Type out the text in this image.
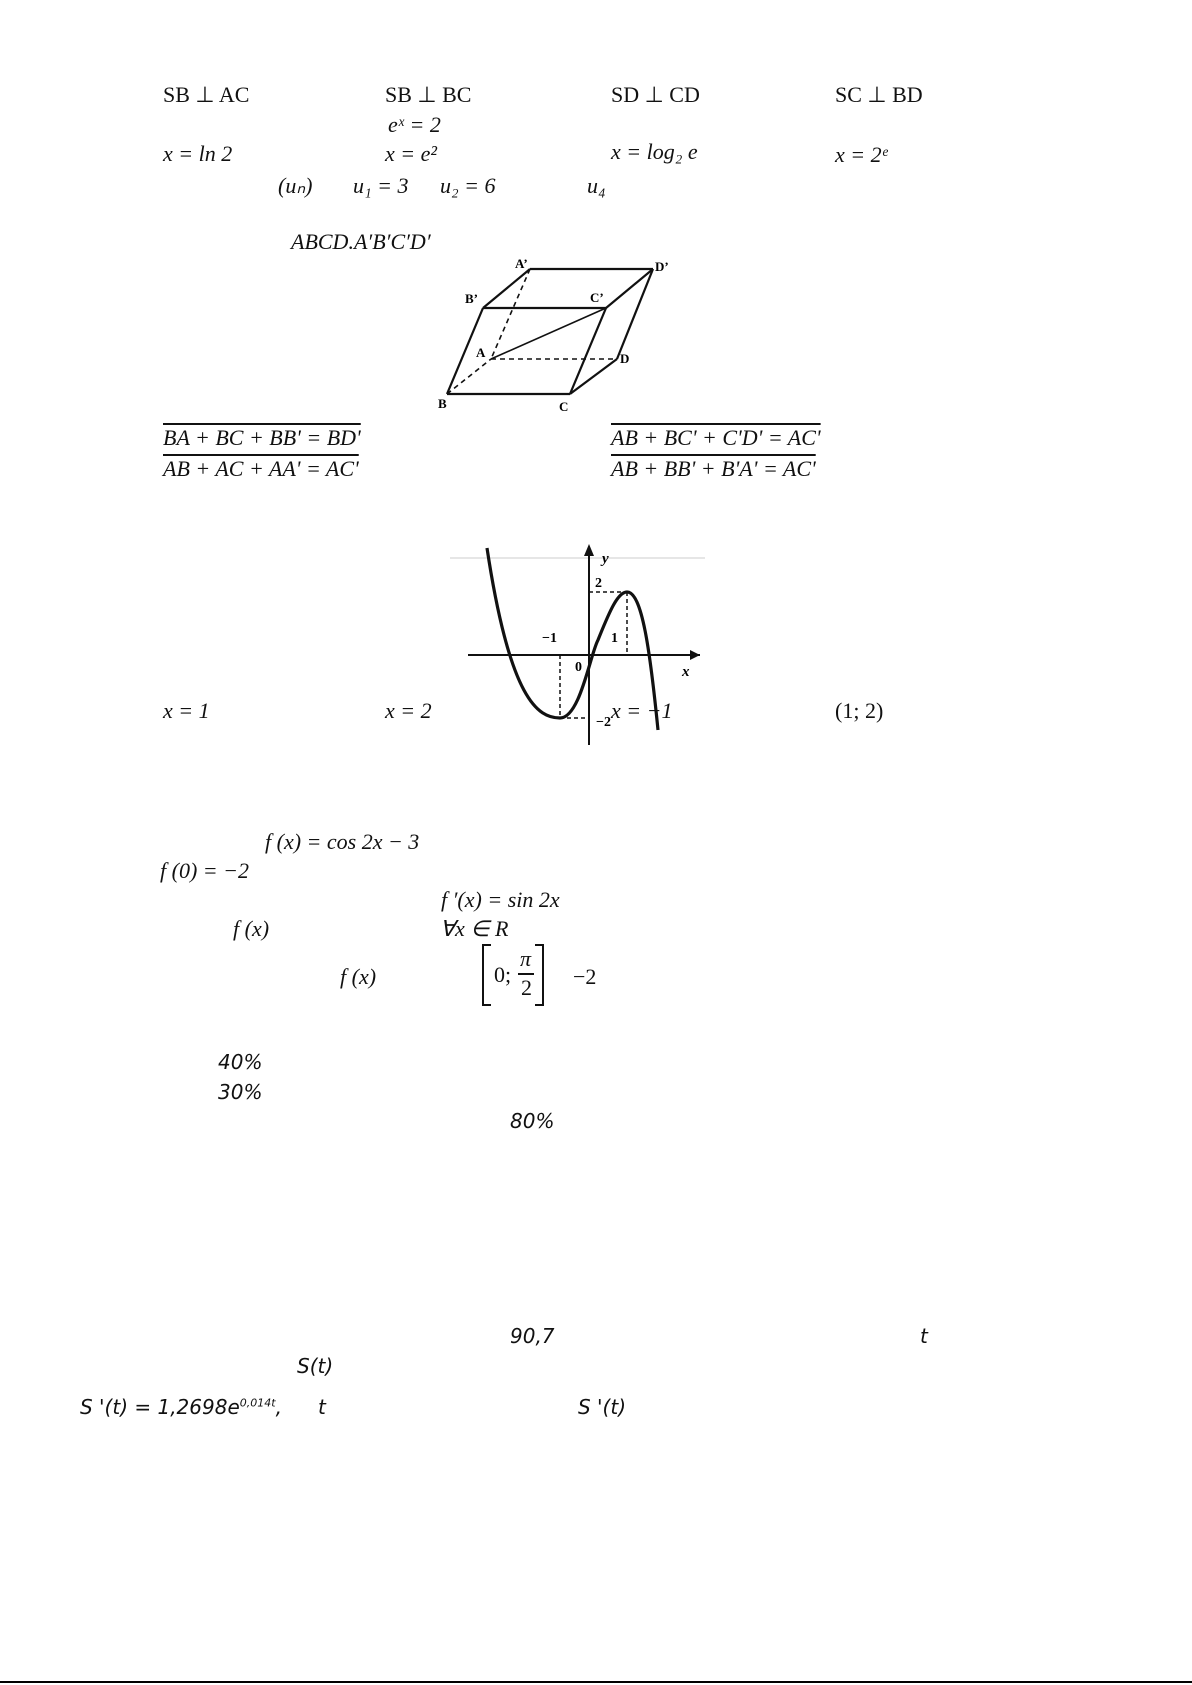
SB ⊥ AC	SB ⊥ BC	SD ⊥ CD	SC ⊥ BD
eˣ = 2
x = ln 2	x = e²	x = log₂ e	x = 2ᵉ
(uₙ) u₁ = 3 u₂ = 6	u₄
ABCD.A′B′C′D′
A’	D’
B’	C’
A	D
B	C
BA + BC + BB' = BD'	AB + BC' + C'D' = AC'
AB + AC + AA' = AC'	AB + BB' + B'A' = AC'
y
x
2
−1	1
0
−2
x = 1	x = 2	x = −1	(1; 2)
f (x) = cos 2x − 3
f (0) = −2
f ′(x) = sin 2x
f (x)	∀x ∈ R
f (x)	0;
π
2 −2
40%
30%
80%
90,7	t
S(t)
S '$(t) = 1,2698e^{0,014t}$, t	S '(t)
